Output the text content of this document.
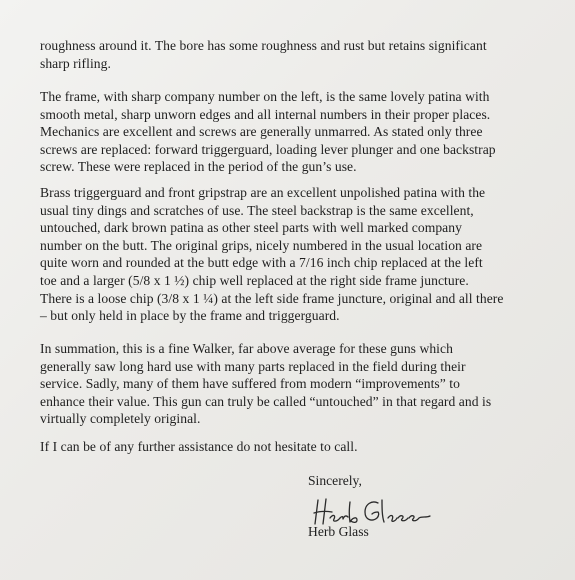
roughness around it. The bore has some roughness and rust but retains significant
sharp rifling.

The frame, with sharp company number on the left, is the same lovely patina with
smooth metal, sharp unworn edges and all internal numbers in their proper places.
Mechanics are excellent and screws are generally unmarred. As stated only three
screws are replaced: forward triggerguard, loading lever plunger and one backstrap
screw. These were replaced in the period of the gun’s use.

Brass triggerguard and front gripstrap are an excellent unpolished patina with the
usual tiny dings and scratches of use. The steel backstrap is the same excellent,
untouched, dark brown patina as other steel parts with well marked company
number on the butt. The original grips, nicely numbered in the usual location are
quite worn and rounded at the butt edge with a 7/16 inch chip replaced at the left
toe and a larger (5/8 x 1 ½) chip well replaced at the right side frame juncture.
There is a loose chip (3/8 x 1 ¼) at the left side frame juncture, original and all there
– but only held in place by the frame and triggerguard.

In summation, this is a fine Walker, far above average for these guns which
generally saw long hard use with many parts replaced in the field during their
service. Sadly, many of them have suffered from modern “improvements” to
enhance their value. This gun can truly be called “untouched” in that regard and is
virtually completely original.

If I can be of any further assistance do not hesitate to call.

Sincerely,
Herb Glass
